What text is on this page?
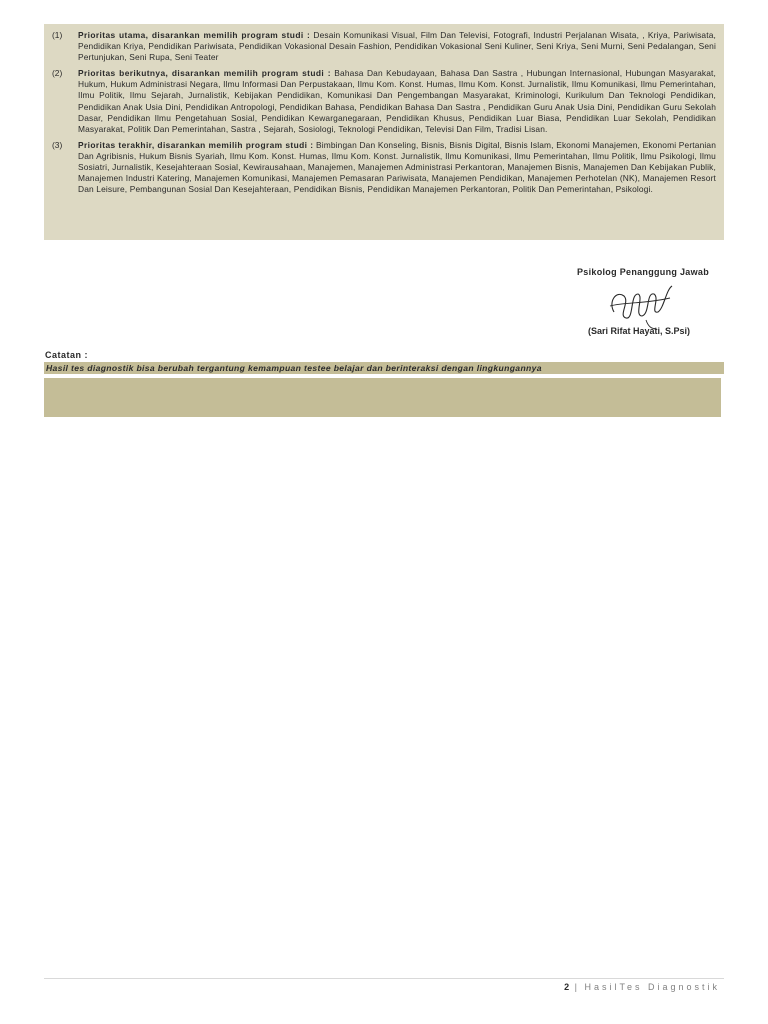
(1)	Prioritas utama, disarankan memilih program studi : Desain Komunikasi Visual, Film Dan Televisi, Fotografi, Industri Perjalanan Wisata, , Kriya, Pariwisata, Pendidikan Kriya, Pendidikan Pariwisata, Pendidikan Vokasional Desain Fashion, Pendidikan Vokasional Seni Kuliner, Seni Kriya, Seni Murni, Seni Pedalangan, Seni Pertunjukan, Seni Rupa, Seni Teater
(2)	Prioritas berikutnya, disarankan memilih program studi : Bahasa Dan Kebudayaan, Bahasa Dan Sastra , Hubungan Internasional, Hubungan Masyarakat, Hukum, Hukum Administrasi Negara, Ilmu Informasi Dan Perpustakaan, Ilmu Kom. Konst. Humas, Ilmu Kom. Konst. Jurnalistik, Ilmu Komunikasi, Ilmu Pemerintahan, Ilmu Politik, Ilmu Sejarah, Jurnalistik, Kebijakan Pendidikan, Komunikasi Dan Pengembangan Masyarakat, Kriminologi, Kurikulum Dan Teknologi Pendidikan, Pendidikan Anak Usia Dini, Pendidikan Antropologi, Pendidikan Bahasa, Pendidikan Bahasa Dan Sastra , Pendidikan Guru Anak Usia Dini, Pendidikan Guru Sekolah Dasar, Pendidikan Ilmu Pengetahuan Sosial, Pendidikan Kewarganegaraan, Pendidikan Khusus, Pendidikan Luar Biasa, Pendidikan Luar Sekolah, Pendidikan Masyarakat, Politik Dan Pemerintahan, Sastra , Sejarah, Sosiologi, Teknologi Pendidikan, Televisi Dan Film, Tradisi Lisan.
(3)	Prioritas terakhir, disarankan memilih program studi : Bimbingan Dan Konseling, Bisnis, Bisnis Digital, Bisnis Islam, Ekonomi Manajemen, Ekonomi Pertanian Dan Agribisnis, Hukum Bisnis Syariah, Ilmu Kom. Konst. Humas, Ilmu Kom. Konst. Jurnalistik, Ilmu Komunikasi, Ilmu Pemerintahan, Ilmu Politik, Ilmu Psikologi, Ilmu Sosiatri, Jurnalistik, Kesejahteraan Sosial, Kewirausahaan, Manajemen, Manajemen Administrasi Perkantoran, Manajemen Bisnis, Manajemen Dan Kebijakan Publik, Manajemen Industri Katering, Manajemen Komunikasi, Manajemen Pemasaran Pariwisata, Manajemen Pendidikan, Manajemen Perhotelan (NK), Manajemen Resort Dan Leisure, Pembangunan Sosial Dan Kesejahteraan, Pendidikan Bisnis, Pendidikan Manajemen Perkantoran, Politik Dan Pemerintahan, Psikologi.
Psikolog Penanggung Jawab
(Sari Rifat Hayati, S.Psi)
Catatan :
Hasil tes diagnostik bisa berubah tergantung kemampuan testee belajar dan berinteraksi dengan lingkungannya
2 | HasilTes Diagnostik
